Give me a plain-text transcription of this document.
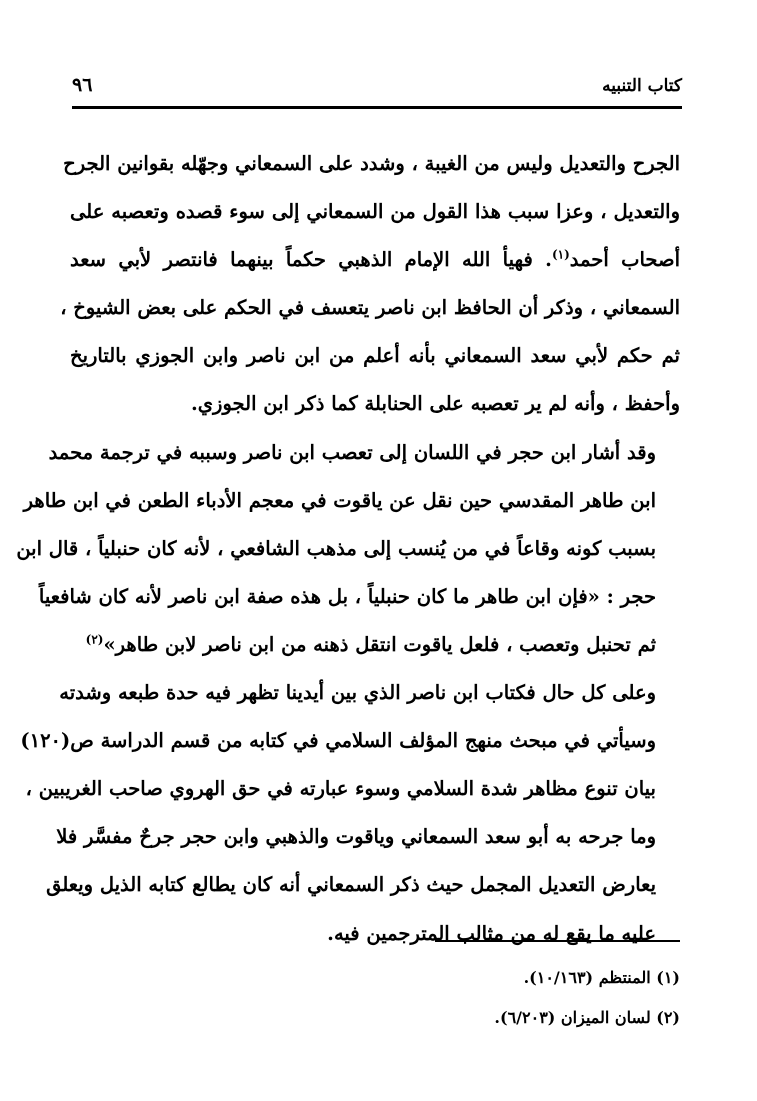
كتاب التنبيه
٩٦

الجرح والتعديل وليس من الغيبة ، وشدد على السمعاني وجهّله بقوانين الجرح
والتعديل ، وعزا سبب هذا القول من السمعاني إلى سوء قصده وتعصبه على
أصحاب أحمد$^{(١)}$. فهيأ الله الإمام الذهبي حكماً بينهما فانتصر لأبي سعد
السمعاني ، وذكر أن الحافظ ابن ناصر يتعسف في الحكم على بعض الشيوخ ،
ثم حكم لأبي سعد السمعاني بأنه أعلم من ابن ناصر وابن الجوزي بالتاريخ
وأحفظ ، وأنه لم ير تعصبه على الحنابلة كما ذكر ابن الجوزي.

وقد أشار ابن حجر في اللسان إلى تعصب ابن ناصر وسببه في ترجمة محمد
ابن طاهر المقدسي حين نقل عن ياقوت في معجم الأدباء الطعن في ابن طاهر
بسبب كونه وقاعاً في من يُنسب إلى مذهب الشافعي ، لأنه كان حنبلياً ، قال ابن
حجر : «فإن ابن طاهر ما كان حنبلياً ، بل هذه صفة ابن ناصر لأنه كان شافعياً
ثم تحنبل وتعصب ، فلعل ياقوت انتقل ذهنه من ابن ناصر لابن طاهر»$^{(٢)}$

وعلى كل حال فكتاب ابن ناصر الذي بين أيدينا تظهر فيه حدة طبعه وشدته
وسيأتي في مبحث منهج المؤلف السلامي في كتابه من قسم الدراسة ص(١٢٠)
بيان تنوع مظاهر شدة السلامي وسوء عبارته في حق الهروي صاحب الغريبين ،
وما جرحه به أبو سعد السمعاني وياقوت والذهبي وابن حجر جرحٌ مفسَّر فلا
يعارض التعديل المجمل حيث ذكر السمعاني أنه كان يطالع كتابه الذيل ويعلق
عليه ما يقع له من مثالب المترجمين فيه.

(١) المنتظم (١٠/١٦٣).
(٢) لسان الميزان (٦/٢٠٣).
